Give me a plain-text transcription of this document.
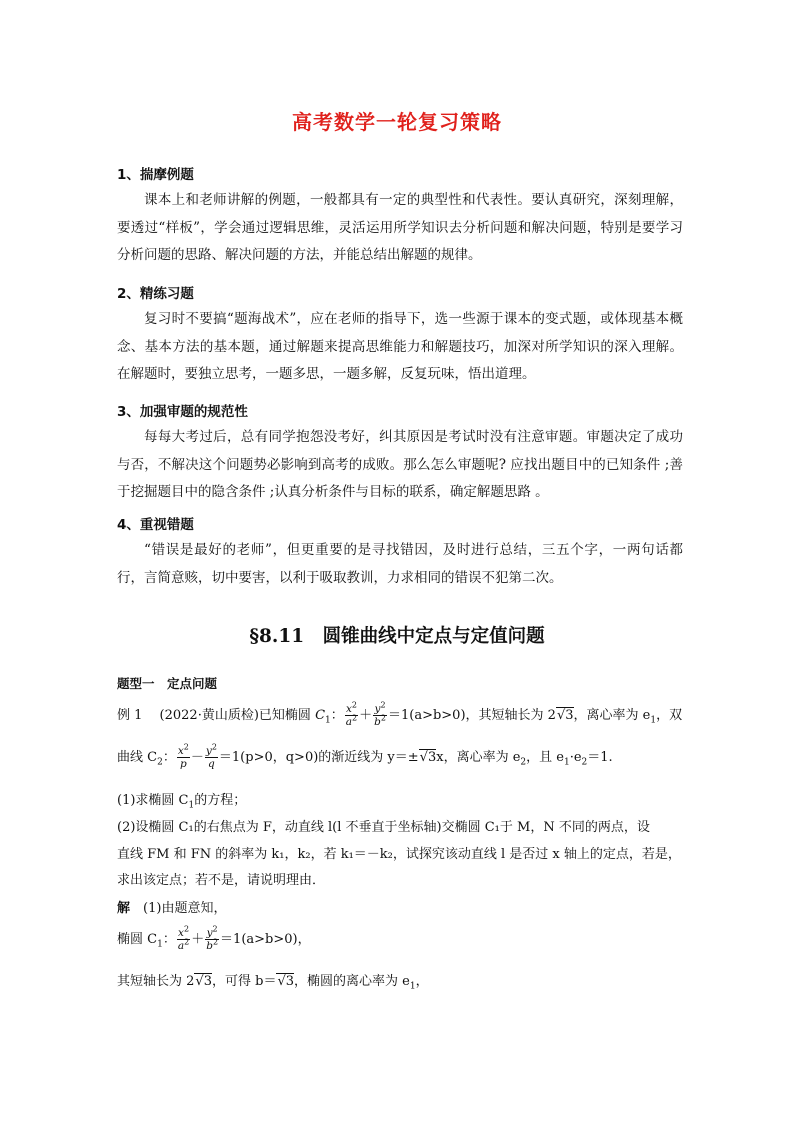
高考数学一轮复习策略
1、揣摩例题
课本上和老师讲解的例题，一般都具有一定的典型性和代表性。要认真研究，深刻理解，要透过“样板”，学会通过逻辑思维，灵活运用所学知识去分析问题和解决问题，特别是要学习分析问题的思路、解决问题的方法，并能总结出解题的规律。
2、精练习题
复习时不要搞“题海战术”，应在老师的指导下，选一些源于课本的变式题，或体现基本概念、基本方法的基本题，通过解题来提高思维能力和解题技巧，加深对所学知识的深入理解。在解题时，要独立思考，一题多思，一题多解，反复玩味，悟出道理。
3、加强审题的规范性
每每大考过后，总有同学抱怨没考好，纠其原因是考试时没有注意审题。审题决定了成功与否，不解决这个问题势必影响到高考的成败。那么怎么审题呢? 应找出题目中的已知条件 ;善于挖掘题目中的隐含条件 ;认真分析条件与目标的联系，确定解题思路 。
4、重视错题
“错误是最好的老师”，但更重要的是寻找错因，及时进行总结，三五个字，一两句话都行，言简意赅，切中要害，以利于吸取教训，力求相同的错误不犯第二次。
§8.11　圆锥曲线中定点与定值问题
题型一　定点问题
例 1　 (2022·黄山质检)已知椭圆 $C_1$： $\frac{x^2}{a^2} + \frac{y^2}{b^2} =1(a>b>0)$，其短轴长为 2√3，离心率为 $e_1$，双
曲线 $C_2$： $\frac{x^2}{p} - \frac{y^2}{q} =1(p>0$，q>0)的渐近线为 y＝±√3x，离心率为 $e_2$，且 $e_1\cdot e_2=1$.
(1)求椭圆 $C_1$的方程；
(2)设椭圆 C₁的右焦点为 F，动直线 l(l 不垂直于坐标轴)交椭圆 C₁于 M，N 不同的两点，设
直线 FM 和 FN 的斜率为 k₁，k₂，若 k₁＝－k₂，试探究该动直线 l 是否过 x 轴上的定点，若是，
求出该定点；若不是，请说明理由．
解　 (1)由题意知，
椭圆 $C_1$： $\frac{x^2}{a^2} + \frac{y^2}{b^2} =1(a>b>0)$，
其短轴长为 2√3，可得 b＝√3，椭圆的离心率为 $e_1$，
